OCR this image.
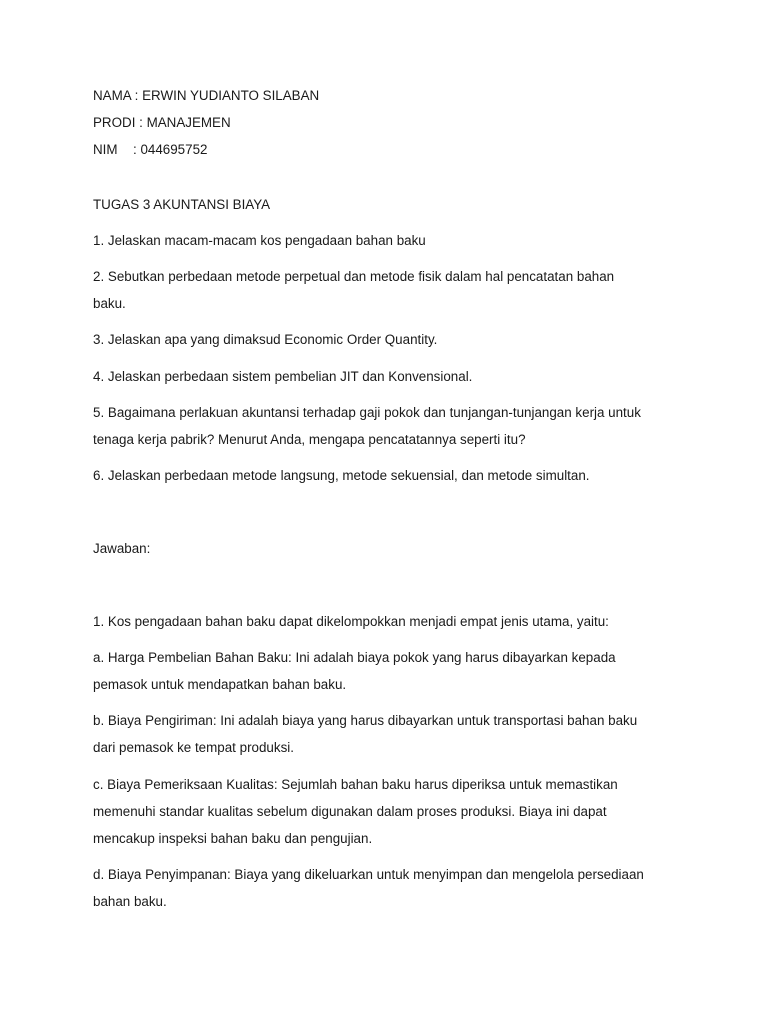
NAMA : ERWIN YUDIANTO SILABAN
PRODI : MANAJEMEN
NIM : 044695752
TUGAS 3 AKUNTANSI BIAYA
1. Jelaskan macam-macam kos pengadaan bahan baku
2. Sebutkan perbedaan metode perpetual dan metode fisik dalam hal pencatatan bahan
baku.
3. Jelaskan apa yang dimaksud Economic Order Quantity.
4. Jelaskan perbedaan sistem pembelian JIT dan Konvensional.
5. Bagaimana perlakuan akuntansi terhadap gaji pokok dan tunjangan-tunjangan kerja untuk
tenaga kerja pabrik? Menurut Anda, mengapa pencatatannya seperti itu?
6. Jelaskan perbedaan metode langsung, metode sekuensial, dan metode simultan.
Jawaban:
1. Kos pengadaan bahan baku dapat dikelompokkan menjadi empat jenis utama, yaitu:
a. Harga Pembelian Bahan Baku: Ini adalah biaya pokok yang harus dibayarkan kepada
pemasok untuk mendapatkan bahan baku.
b. Biaya Pengiriman: Ini adalah biaya yang harus dibayarkan untuk transportasi bahan baku
dari pemasok ke tempat produksi.
c. Biaya Pemeriksaan Kualitas: Sejumlah bahan baku harus diperiksa untuk memastikan
memenuhi standar kualitas sebelum digunakan dalam proses produksi. Biaya ini dapat
mencakup inspeksi bahan baku dan pengujian.
d. Biaya Penyimpanan: Biaya yang dikeluarkan untuk menyimpan dan mengelola persediaan
bahan baku.
